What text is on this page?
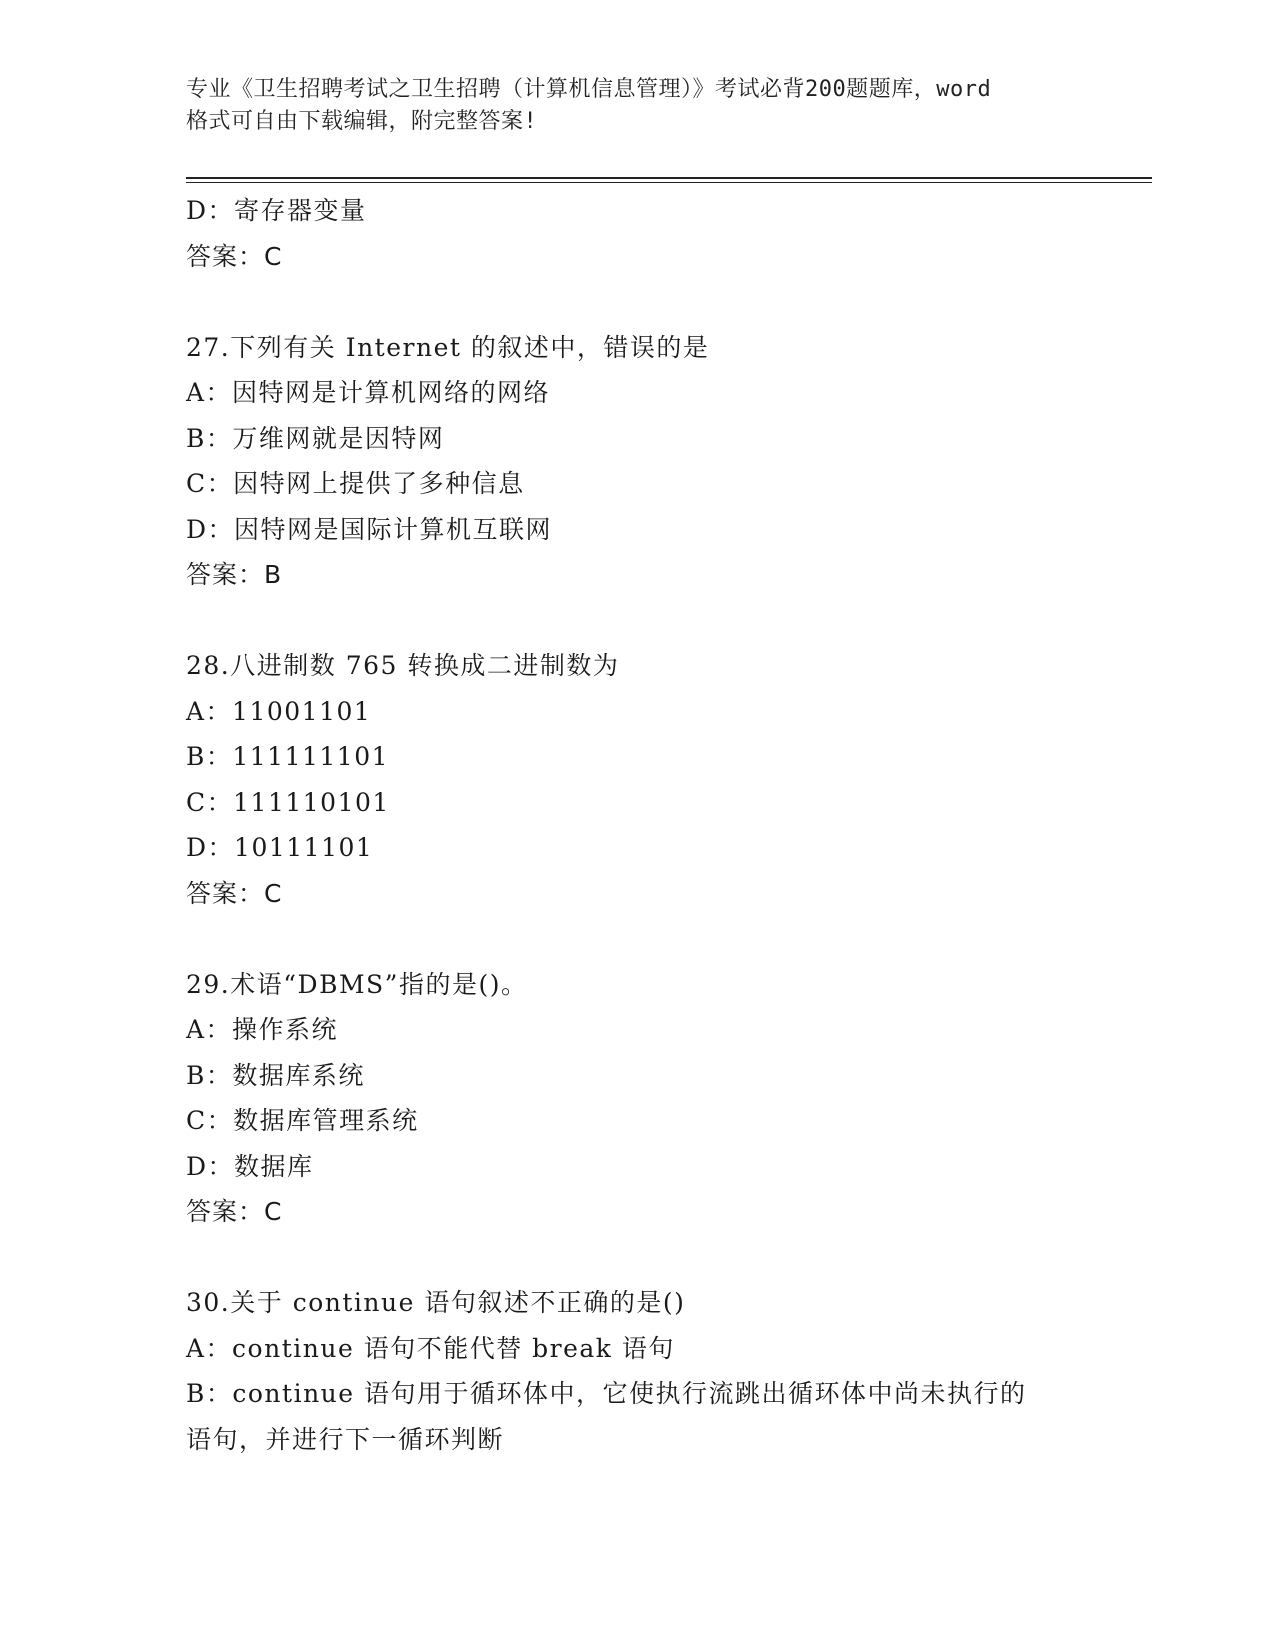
专业《卫生招聘考试之卫生招聘（计算机信息管理）》考试必背200题题库，word
格式可自由下载编辑，附完整答案!
D：寄存器变量
答案：C
27.下列有关 Internet 的叙述中，错误的是
A：因特网是计算机网络的网络
B：万维网就是因特网
C：因特网上提供了多种信息
D：因特网是国际计算机互联网
答案：B
28.八进制数 765 转换成二进制数为
A：11001101
B：111111101
C：111110101
D：10111101
答案：C
29.术语“DBMS”指的是()。
A：操作系统
B：数据库系统
C：数据库管理系统
D：数据库
答案：C
30.关于 continue 语句叙述不正确的是()
A：continue 语句不能代替 break 语句
B：continue 语句用于循环体中，它使执行流跳出循环体中尚未执行的
语句，并进行下一循环判断
